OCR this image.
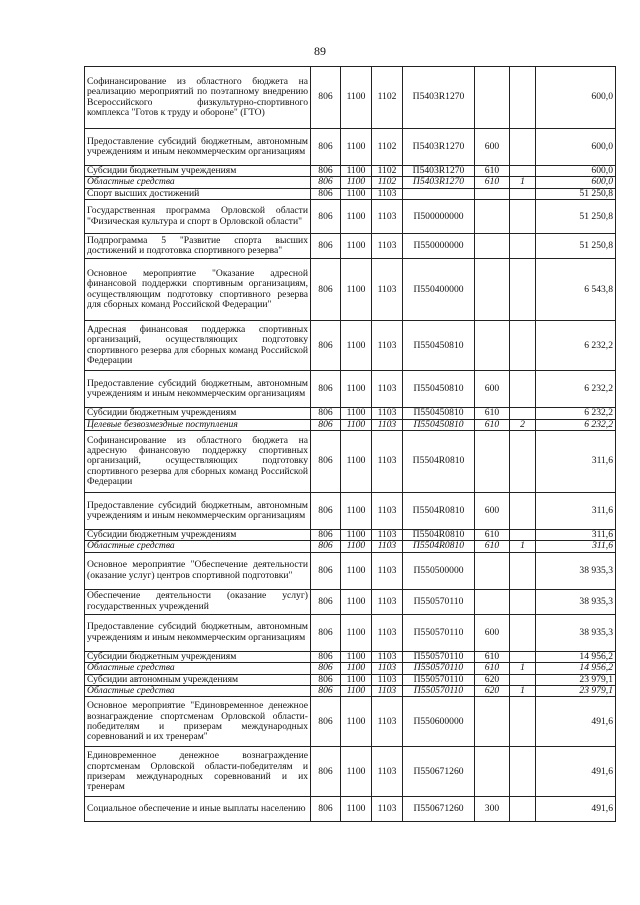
89
Софинансирование из областного бюджета на реализацию мероприятий по поэтапному внедрению Всероссийского физкультурно-спортивного комплекса "Готов к труду и обороне" (ГТО)	806	1100	1102	П5403R1270			600,0
Предоставление субсидий бюджетным, автономным учреждениям и иным некоммерческим организациям	806	1100	1102	П5403R1270	600		600,0
Субсидии бюджетным учреждениям	806	1100	1102	П5403R1270	610		600,0
Областные средства	806	1100	1102	П5403R1270	610	1	600,0
Спорт высших достижений	806	1100	1103				51 250,8
Государственная программа Орловской области "Физическая культура и спорт в Орловской области"	806	1100	1103	П500000000			51 250,8
Подпрограмма 5 "Развитие спорта высших достижений и подготовка спортивного резерва"	806	1100	1103	П550000000			51 250,8
Основное мероприятие "Оказание адресной финансовой поддержки спортивным организациям, осуществляющим подготовку спортивного резерва для сборных команд Российской Федерации"	806	1100	1103	П550400000			6 543,8
Адресная финансовая поддержка спортивных организаций, осуществляющих подготовку спортивного резерва для сборных команд Российской Федерации	806	1100	1103	П550450810			6 232,2
Предоставление субсидий бюджетным, автономным учреждениям и иным некоммерческим организациям	806	1100	1103	П550450810	600		6 232,2
Субсидии бюджетным учреждениям	806	1100	1103	П550450810	610		6 232,2
Целевые безвозмездные поступления	806	1100	1103	П550450810	610	2	6 232,2
Софинансирование из областного бюджета на адресную финансовую поддержку спортивных организаций, осуществляющих подготовку спортивного резерва для сборных команд Российской Федерации	806	1100	1103	П5504R0810			311,6
Предоставление субсидий бюджетным, автономным учреждениям и иным некоммерческим организациям	806	1100	1103	П5504R0810	600		311,6
Субсидии бюджетным учреждениям	806	1100	1103	П5504R0810	610		311,6
Областные средства	806	1100	1103	П5504R0810	610	1	311,6
Основное мероприятие "Обеспечение деятельности (оказание услуг) центров спортивной подготовки"	806	1100	1103	П550500000			38 935,3
Обеспечение деятельности (оказание услуг) государственных учреждений	806	1100	1103	П550570110			38 935,3
Предоставление субсидий бюджетным, автономным учреждениям и иным некоммерческим организациям	806	1100	1103	П550570110	600		38 935,3
Субсидии бюджетным учреждениям	806	1100	1103	П550570110	610		14 956,2
Областные средства	806	1100	1103	П550570110	610	1	14 956,2
Субсидии автономным учреждениям	806	1100	1103	П550570110	620		23 979,1
Областные средства	806	1100	1103	П550570110	620	1	23 979,1
Основное мероприятие "Единовременное денежное вознаграждение спортсменам Орловской области-победителям и призерам международных соревнований и их тренерам"	806	1100	1103	П550600000			491,6
Единовременное денежное вознаграждение спортсменам Орловской области-победителям и призерам международных соревнований и их тренерам	806	1100	1103	П550671260			491,6
Социальное обеспечение и иные выплаты населению	806	1100	1103	П550671260	300		491,6
